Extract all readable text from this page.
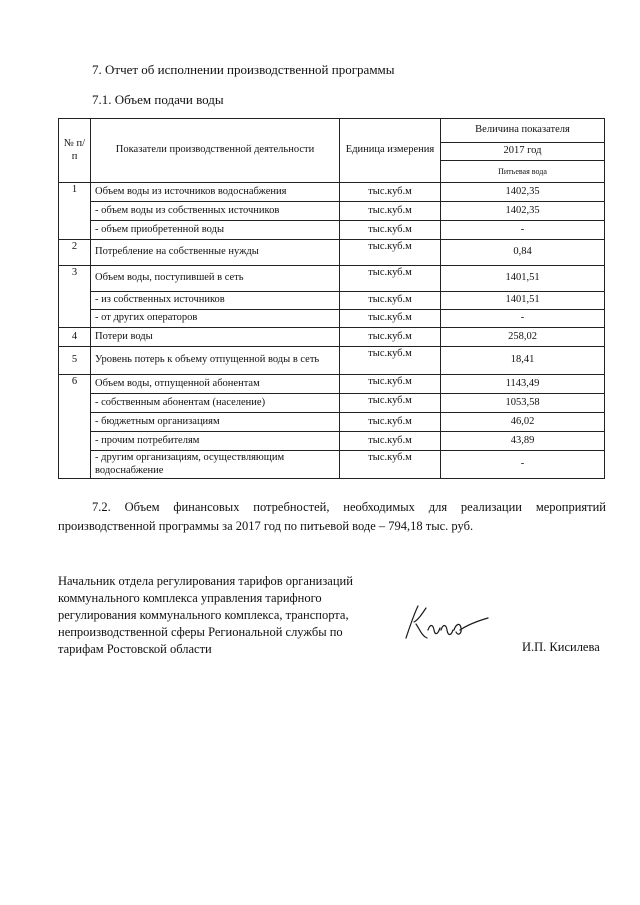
7. Отчет об исполнении производственной программы
7.1. Объем подачи воды
№ п/п	Показатели производственной деятельности	Единица измерения	Величина показателя
			2017 год
			Питьевая вода
1	Объем воды из источников водоснабжения	тыс.куб.м	1402,35
	- объем воды из собственных источников	тыс.куб.м	1402,35
	- объем приобретенной воды	тыс.куб.м	-
2	Потребление на собственные нужды	тыс.куб.м	0,84
3	Объем воды, поступившей в сеть	тыс.куб.м	1401,51
	- из собственных источников	тыс.куб.м	1401,51
	- от других операторов	тыс.куб.м	-
4	Потери воды	тыс.куб.м	258,02
5	Уровень потерь к объему отпущенной воды в сеть	тыс.куб.м	18,41
6	Объем воды, отпущенной абонентам	тыс.куб.м	1143,49
	- собственным абонентам (население)	тыс.куб.м	1053,58
	- бюджетным организациям	тыс.куб.м	46,02
	- прочим потребителям	тыс.куб.м	43,89
	- другим организациям, осуществляющим водоснабжение	тыс.куб.м	-

7.2. Объем финансовых потребностей, необходимых для реализации мероприятий производственной программы за 2017 год по питьевой воде – 794,18 тыс. руб.

Начальник отдела регулирования тарифов организаций
коммунального комплекса управления тарифного
регулирования коммунального комплекса, транспорта,
непроизводственной сферы Региональной службы по
тарифам Ростовской области	И.П. Кисилева
